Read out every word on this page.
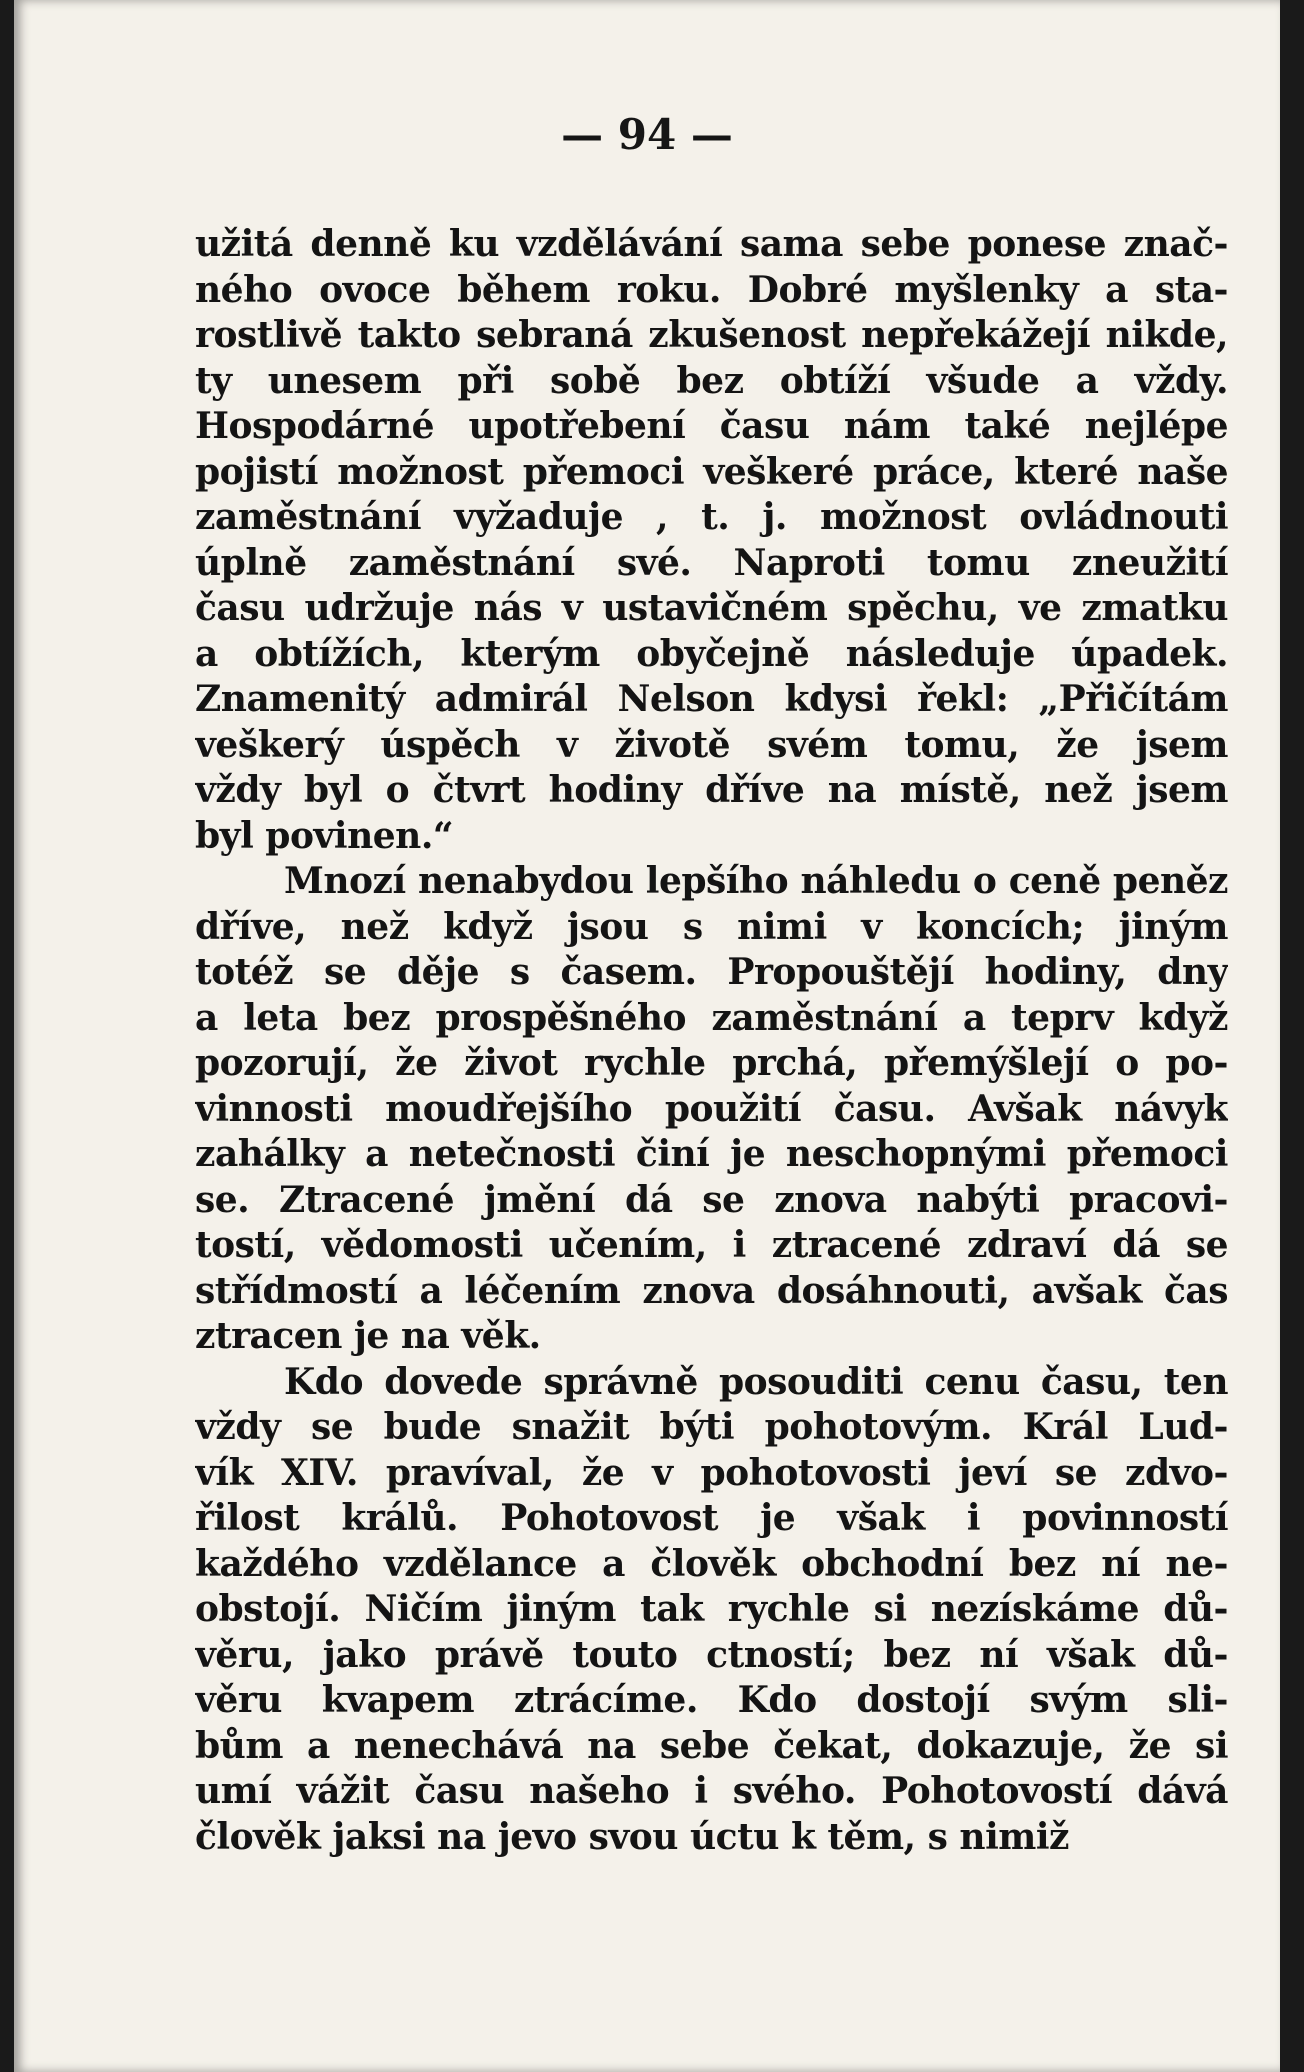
— 94 —
užitá denně ku vzdělávání sama sebe ponese znač-
ného ovoce během roku. Dobré myšlenky a sta-
rostlivě takto sebraná zkušenost nepřekážejí nikde,
ty unesem při sobě bez obtíží všude a vždy.
Hospodárné upotřebení času nám také nejlépe
pojistí možnost přemoci veškeré práce, které naše
zaměstnání vyžaduje , t. j. možnost ovládnouti
úplně zaměstnání své. Naproti tomu zneužití
času udržuje nás v ustavičném spěchu, ve zmatku
a obtížích, kterým obyčejně následuje úpadek.
Znamenitý admirál Nelson kdysi řekl: „Přičítám
veškerý úspěch v životě svém tomu, že jsem
vždy byl o čtvrt hodiny dříve na místě, než jsem
byl povinen.“
Mnozí nenabydou lepšího náhledu o ceně peněz
dříve, než když jsou s nimi v koncích; jiným
totéž se děje s časem. Propouštějí hodiny, dny
a leta bez prospěšného zaměstnání a teprv když
pozorují, že život rychle prchá, přemýšlejí o po-
vinnosti moudřejšího použití času. Avšak návyk
zahálky a netečnosti činí je neschopnými přemoci
se. Ztracené jmění dá se znova nabýti pracovi-
tostí, vědomosti učením, i ztracené zdraví dá se
střídmostí a léčením znova dosáhnouti, avšak čas
ztracen je na věk.
Kdo dovede správně posouditi cenu času, ten
vždy se bude snažit býti pohotovým. Král Lud-
vík XIV. pravíval, že v pohotovosti jeví se zdvo-
řilost králů. Pohotovost je však i povinností
každého vzdělance a člověk obchodní bez ní ne-
obstojí. Ničím jiným tak rychle si nezískáme dů-
věru, jako právě touto ctností; bez ní však dů-
věru kvapem ztrácíme. Kdo dostojí svým sli-
bům a nenechává na sebe čekat, dokazuje, že si
umí vážit času našeho i svého. Pohotovostí dává
člověk jaksi na jevo svou úctu k těm, s nimiž
